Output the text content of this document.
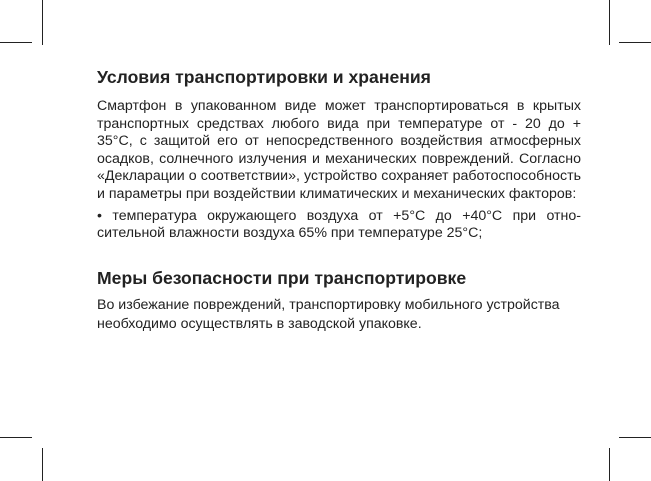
Условия транспортировки и хранения

Смартфон в упакованном виде может транспортироваться в крытых транспортных средствах любого вида при температуре от - 20 до + 35°С, с защитой его от непосредственного воздействия атмосферных осадков, солнечного излучения и механических повреждений. Согласно «Декларации о соответствии», устройство сохраняет работоспособность и параметры при воздействии климатических и механических факторов:

• температура окружающего воздуха от +5°С до +40°С при относительной влажности воздуха 65% при температуре 25°С;

Меры безопасности при транспортировке

Во избежание повреждений, транспортировку мобильного устройства

необходимо осуществлять в заводской упаковке.
